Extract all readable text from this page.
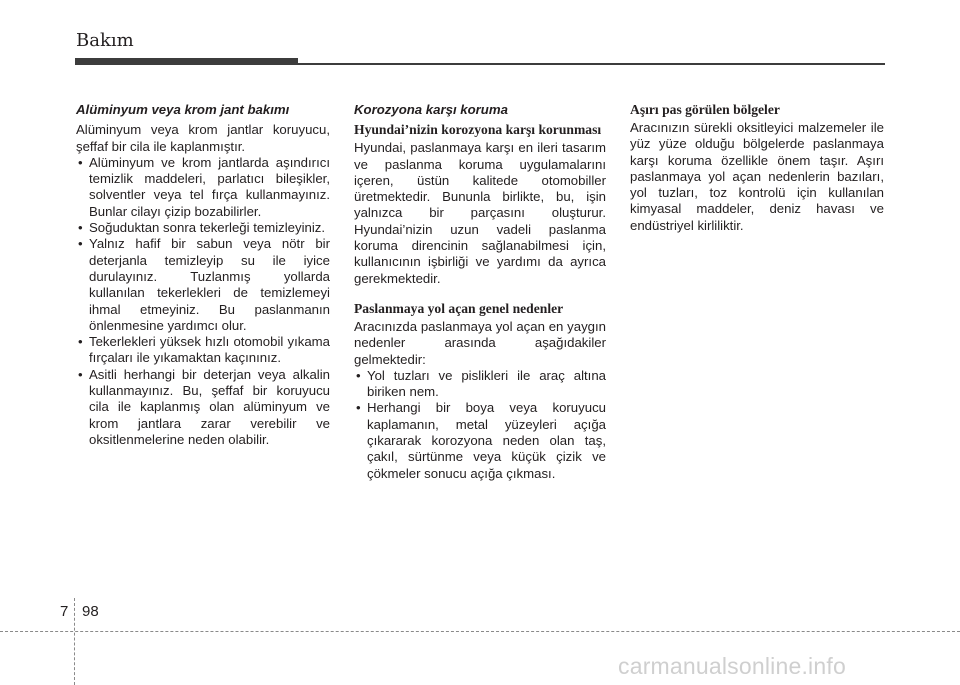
Bakım
Alüminyum veya krom jant bakımı

Alüminyum veya krom jantlar koruyucu, şeffaf bir cila ile kaplanmıştır.

• Alüminyum ve krom jantlarda aşındırıcı temizlik maddeleri, parlatıcı bileşikler, solventler veya tel fırça kullanmayınız. Bunlar cilayı çizip bozabilirler.
• Soğuduktan sonra tekerleği temizleyiniz.
• Yalnız hafif bir sabun veya nötr bir deterjanla temizleyip su ile iyice durulayınız. Tuzlanmış yollarda kullanılan tekerlekleri de temizlemeyi ihmal etmeyiniz. Bu paslanmanın önlenmesine yardımcı olur.
• Tekerlekleri yüksek hızlı otomobil yıkama fırçaları ile yıkamaktan kaçınınız.
• Asitli herhangi bir deterjan veya alkalin kullanmayınız. Bu, şeffaf bir koruyucu cila ile kaplanmış olan alüminyum ve krom jantlara zarar verebilir ve oksitlenmelerine neden olabilir.
Korozyona karşı koruma
Hyundai’nizin korozyona karşı korunması

Hyundai, paslanmaya karşı en ileri tasarım ve paslanma koruma uygulamalarını içeren, üstün kalitede otomobiller üretmektedir. Bununla birlikte, bu, işin yalnızca bir parçasını oluşturur. Hyundai’nizin uzun vadeli paslanma koruma direncinin sağlanabilmesi için, kullanıcının işbirliği ve yardımı da ayrıca gerekmektedir.

Paslanmaya yol açan genel nedenler

Aracınızda paslanmaya yol açan en yaygın nedenler arasında aşağıdakiler gelmektedir:

• Yol tuzları ve pislikleri ile araç altına biriken nem.
• Herhangi bir boya veya koruyucu kaplamanın, metal yüzeyleri açığa çıkararak korozyona neden olan taş, çakıl, sürtünme veya küçük çizik ve çökmeler sonucu açığa çıkması.
Aşırı pas görülen bölgeler

Aracınızın sürekli oksitleyici malzemeler ile yüz yüze olduğu bölgelerde paslanmaya karşı koruma özellikle önem taşır. Aşırı paslanmaya yol açan nedenlerin bazıları, yol tuzları, toz kontrolü için kullanılan kimyasal maddeler, deniz havası ve endüstriyel kirliliktir.

7 98
carmanualsonline.info
